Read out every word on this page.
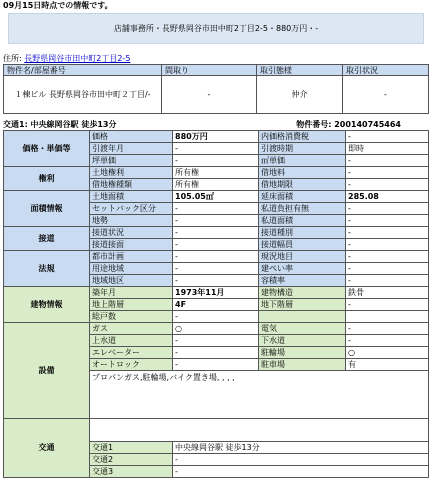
09月15日時点での情報です。
店舗事務所・長野県岡谷市田中町2丁目2-5・880万円・-
住所: 長野県岡谷市田中町2丁目2-5
物件名/部屋番号	間取り	取引態様	取引状況
１棟ビル 長野県岡谷市田中町２丁目/-	-	仲介	-
交通1: 中央線岡谷駅 徒歩13分	物件番号: 200140745464
価格・単価等	価格	880万円	内価格消費税	-
	引渡年月	-	引渡時期	即時
	坪単価	-	㎡単価	-
権利	土地権利	所有権	借地料	-
	借地権種類	所有権	借地期限	-
面積情報	土地面積	105.05㎡	延床面積	285.08
	セットバック区分	-	私道負担有無	-
	地勢	-	私道面積	-
接道	接道状況	-	接道種別	-
	接道接面	-	接道幅員	-
法規	都市計画	-	現況地目	-
	用途地域	-	建ぺい率	-
	地域地区	-	容積率	-
建物情報	築年月	1973年11月	建物構造	鉄骨
	地上階層	4F	地下階層	-
	総戸数	-		
設備	ガス	○	電気	-
	上水道	-	下水道	-
	エレベーター	-	駐輪場	○
	オートロック	-	駐車場	有
	プロパンガス,駐輪場,バイク置き場, , , ,			
交通				
	交通1	中央線岡谷駅 徒歩13分		
	交通2	-		
	交通3	-		
